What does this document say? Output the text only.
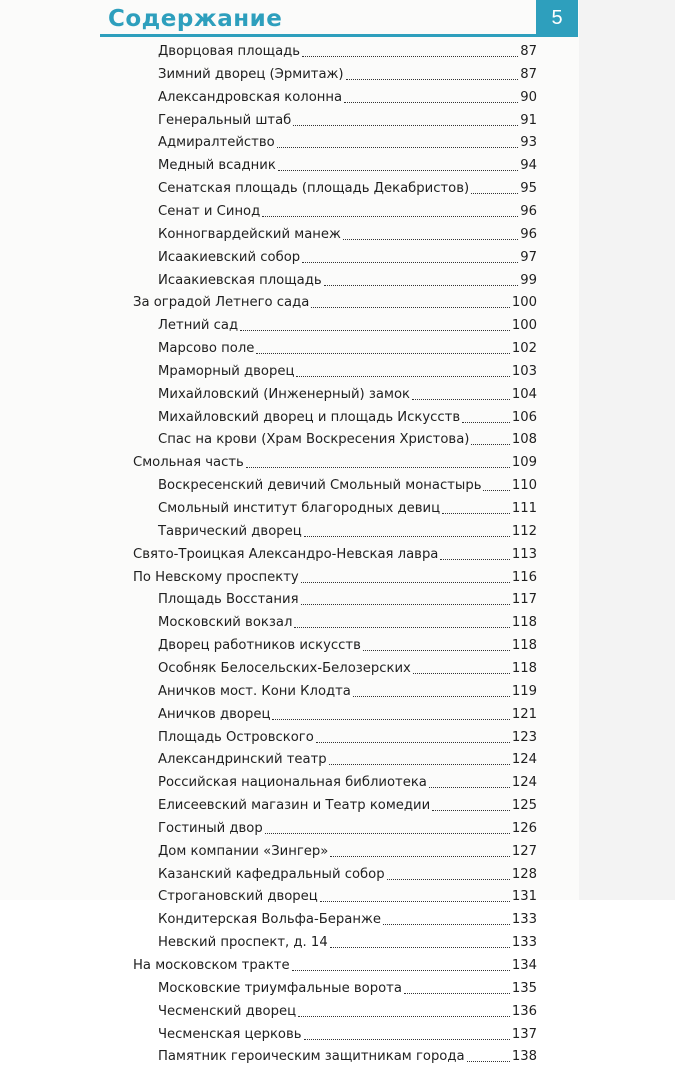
Содержание	5
Дворцовая площадь	87
Зимний дворец (Эрмитаж)	87
Александровская колонна	90
Генеральный штаб	91
Адмиралтейство	93
Медный всадник	94
Сенатская площадь (площадь Декабристов)	95
Сенат и Синод	96
Конногвардейский манеж	96
Исаакиевский собор	97
Исаакиевская площадь	99
За оградой Летнего сада	100
Летний сад	100
Марсово поле	102
Мраморный дворец	103
Михайловский (Инженерный) замок	104
Михайловский дворец и площадь Искусств	106
Спас на крови (Храм Воскресения Христова)	108
Смольная часть	109
Воскресенский девичий Смольный монастырь 110
Смольный институт благородных девиц	111
Таврический дворец	112
Свято-Троицкая Александро-Невская лавра	113
По Невскому проспекту	116
Площадь Восстания	117
Московский вокзал	118
Дворец работников искусств	118
Особняк Белосельских-Белозерских	118
Аничков мост. Кони Клодта	119
Аничков дворец	121
Площадь Островского	123
Александринский театр	124
Российская национальная библиотека	124
Елисеевский магазин и Театр комедии	125
Гостиный двор	126
Дом компании «Зингер»	127
Казанский кафедральный собор	128
Строгановский дворец	131
Кондитерская Вольфа-Беранже	133
Невский проспект, д. 14	133
На московском тракте	134
Московские триумфальные ворота	135
Чесменский дворец	136
Чесменская церковь	137
Памятник героическим защитникам города	138
